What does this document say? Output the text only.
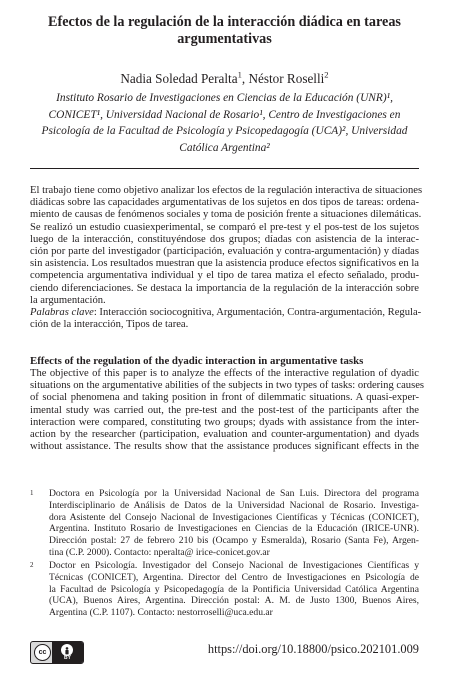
Efectos de la regulación de la interacción diádica en tareas
argumentativas
Nadia Soledad Peralta$^1$, Néstor Roselli$^2$
Instituto Rosario de Investigaciones en Ciencias de la Educación (UNR)¹,
CONICET¹, Universidad Nacional de Rosario¹, Centro de Investigaciones en
Psicología de la Facultad de Psicología y Psicopedagogía (UCA)², Universidad
Católica Argentina²
El trabajo tiene como objetivo analizar los efectos de la regulación interactiva de situaciones
diádicas sobre las capacidades argumentativas de los sujetos en dos tipos de tareas: ordena-
miento de causas de fenómenos sociales y toma de posición frente a situaciones dilemáticas.
Se realizó un estudio cuasiexperimental, se comparó el pre-test y el pos-test de los sujetos
luego de la interacción, constituyéndose dos grupos; díadas con asistencia de la interac-
ción por parte del investigador (participación, evaluación y contra-argumentación) y díadas
sin asistencia. Los resultados muestran que la asistencia produce efectos significativos en la
competencia argumentativa individual y el tipo de tarea matiza el efecto señalado, produ-
ciendo diferenciaciones. Se destaca la importancia de la regulación de la interacción sobre
la argumentación.
Palabras clave: Interacción sociocognitiva, Argumentación, Contra-argumentación, Regula-
ción de la interacción, Tipos de tarea.
Effects of the regulation of the dyadic interaction in argumentative tasks
The objective of this paper is to analyze the effects of the interactive regulation of dyadic
situations on the argumentative abilities of the subjects in two types of tasks: ordering causes
of social phenomena and taking position in front of dilemmatic situations. A quasi-exper-
imental study was carried out, the pre-test and the post-test of the participants after the
interaction were compared, constituting two groups; dyads with assistance from the inter-
action by the researcher (participation, evaluation and counter-argumentation) and dyads
without assistance. The results show that the assistance produces significant effects in the
1 Doctora en Psicología por la Universidad Nacional de San Luis. Directora del programa
Interdisciplinario de Análisis de Datos de la Universidad Nacional de Rosario. Investiga-
dora Asistente del Consejo Nacional de Investigaciones Científicas y Técnicas (CONICET),
Argentina. Instituto Rosario de Investigaciones en Ciencias de la Educación (IRICE-UNR).
Dirección postal: 27 de febrero 210 bis (Ocampo y Esmeralda), Rosario (Santa Fe), Argen-
tina (C.P. 2000). Contacto: nperalta@ irice-conicet.gov.ar
2 Doctor en Psicología. Investigador del Consejo Nacional de Investigaciones Científicas y
Técnicas (CONICET), Argentina. Director del Centro de Investigaciones en Psicología de
la Facultad de Psicología y Psicopedagogía de la Pontificia Universidad Católica Argentina
(UCA), Buenos Aires, Argentina. Dirección postal: A. M. de Justo 1300, Buenos Aires,
Argentina (C.P. 1107). Contacto: nestorroselli@uca.edu.ar
cc
BY
https://doi.org/10.18800/psico.202101.009
